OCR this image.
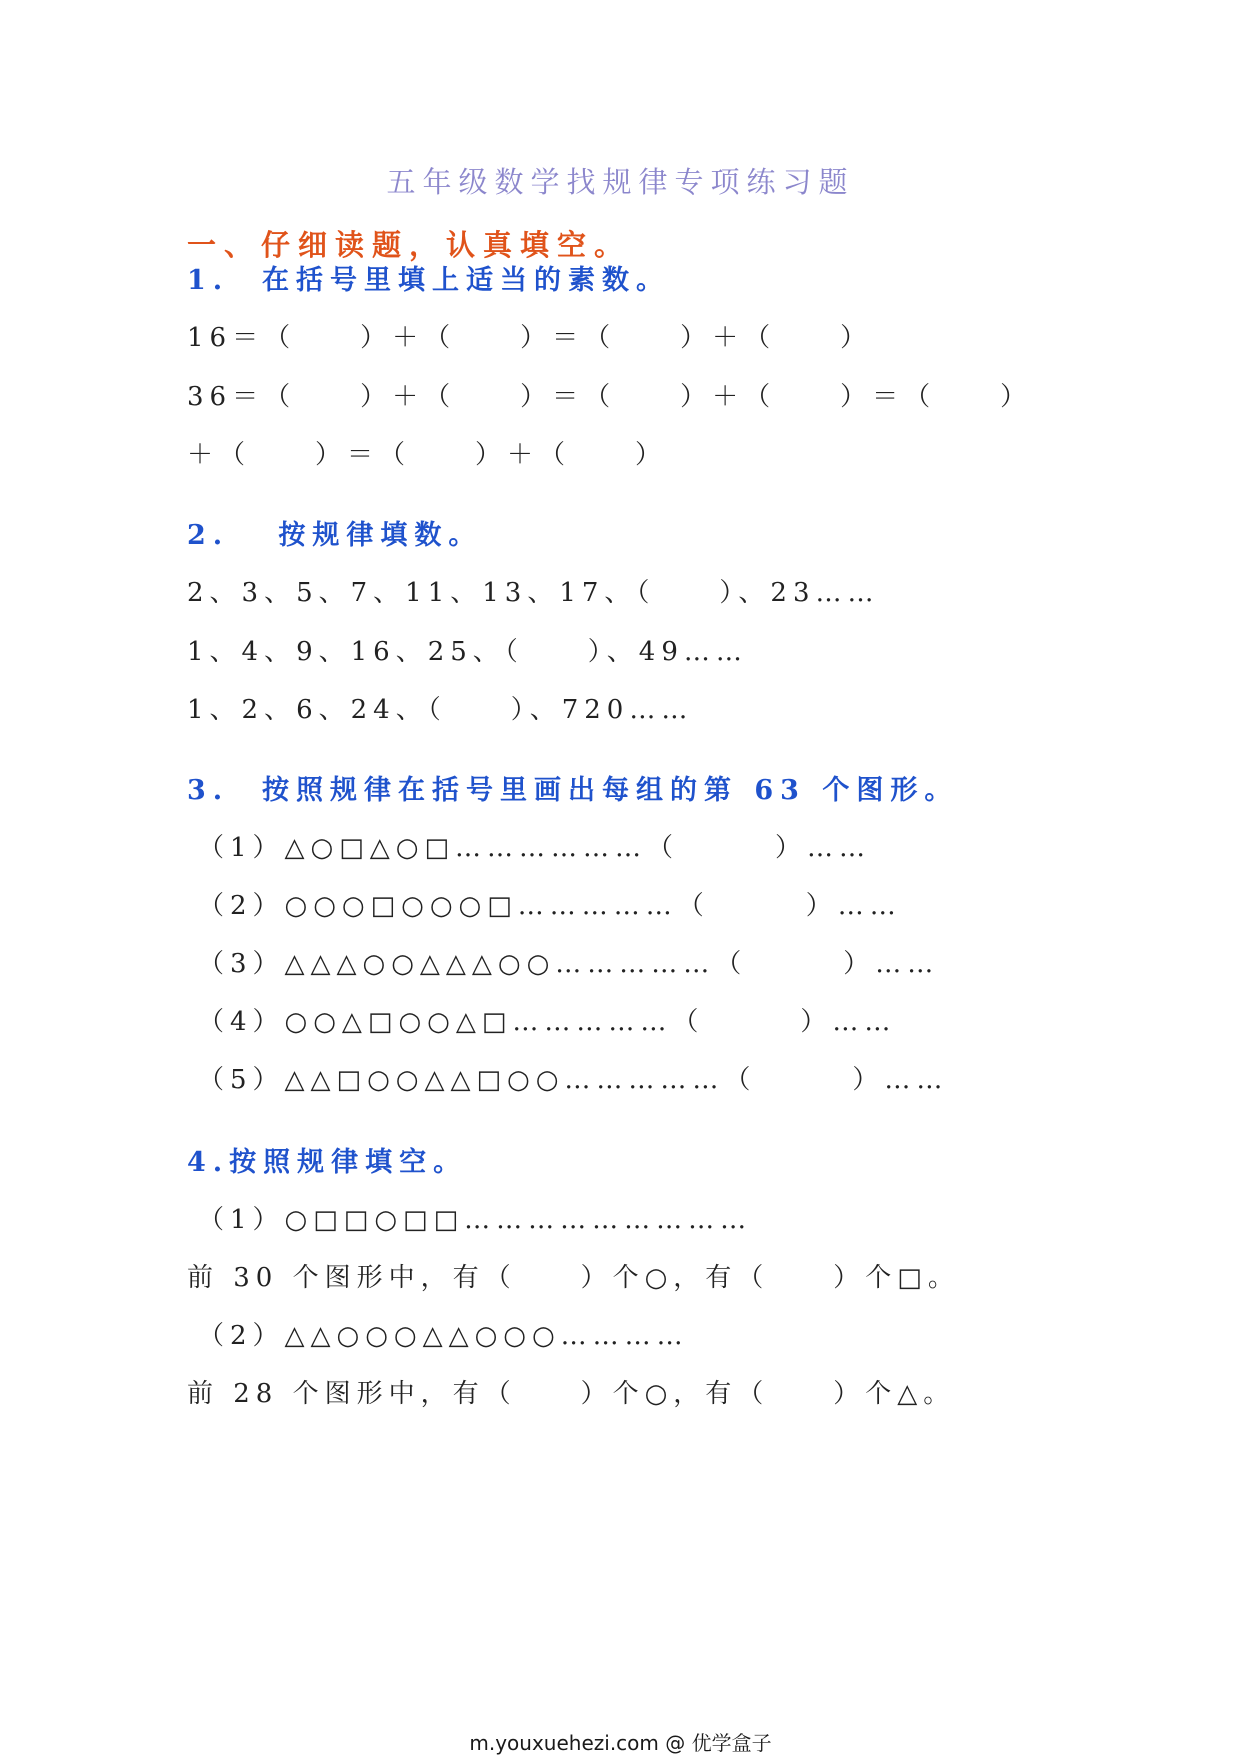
五年级数学找规律专项练习题
一、仔细读题，认真填空。
1.  在括号里填上适当的素数。
16＝（　　）＋（　　）＝（　　）＋（　　）
36＝（　　）＋（　　）＝（　　）＋（　　）＝（　　）
＋（　　）＝（　　）＋（　　）
2.   按规律填数。
2、3、5、7、11、13、17、（　　）、23……
1、4、9、16、25、（　　）、49……
1、2、6、24、（　　）、720……
3.  按照规律在括号里画出每组的第 63 个图形。
（1）△○□△○□………………（　　　）……
（2）○○○□○○○□……………（　　　）……
（3）△△△○○△△△○○……………（　　　）……
（4）○○△□○○△□……………（　　　）……
（5）△△□○○△△□○○……………（　　　）……
4.按照规律填空。
（1）○□□○□□………………………
前 30 个图形中，有（　　）个○，有（　　）个□。
（2）△△○○○△△○○○…………
前 28 个图形中，有（　　）个○，有（　　）个△。
m.youxuehezi.com @ 优学盒子
